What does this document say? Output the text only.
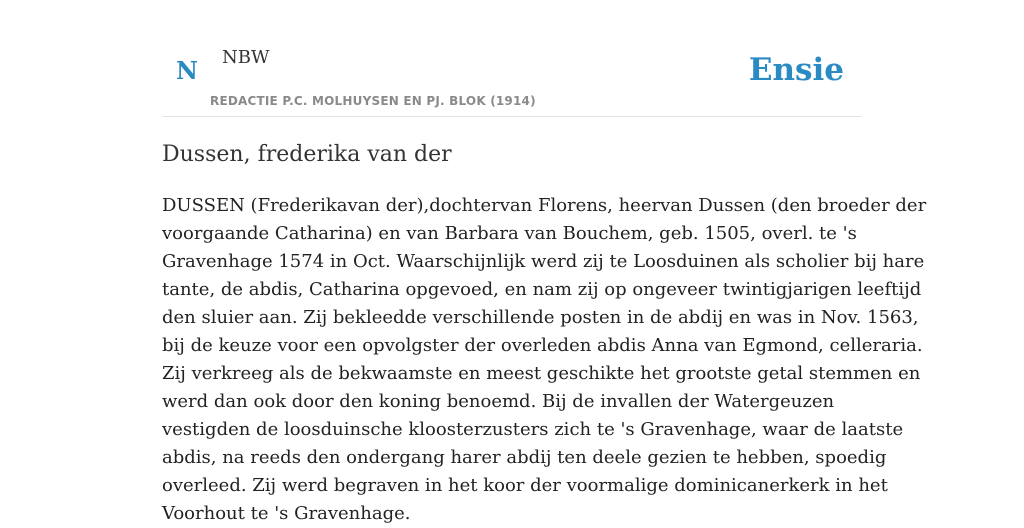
N NBW
REDACTIE P.C. MOLHUYSEN EN PJ. BLOK (1914)
Ensie
Dussen, frederika van der
DUSSEN (Frederikavan der),dochtervan Florens, heervan Dussen (den broeder der
voorgaande Catharina) en van Barbara van Bouchem, geb. 1505, overl. te 's
Gravenhage 1574 in Oct. Waarschijnlijk werd zij te Loosduinen als scholier bij hare
tante, de abdis, Catharina opgevoed, en nam zij op ongeveer twintigjarigen leeftijd
den sluier aan. Zij bekleedde verschillende posten in de abdij en was in Nov. 1563,
bij de keuze voor een opvolgster der overleden abdis Anna van Egmond, celleraria.
Zij verkreeg als de bekwaamste en meest geschikte het grootste getal stemmen en
werd dan ook door den koning benoemd. Bij de invallen der Watergeuzen
vestigden de loosduinsche kloosterzusters zich te 's Gravenhage, waar de laatste
abdis, na reeds den ondergang harer abdij ten deele gezien te hebben, spoedig
overleed. Zij werd begraven in het koor der voormalige dominicanerkerk in het
Voorhout te 's Gravenhage.
